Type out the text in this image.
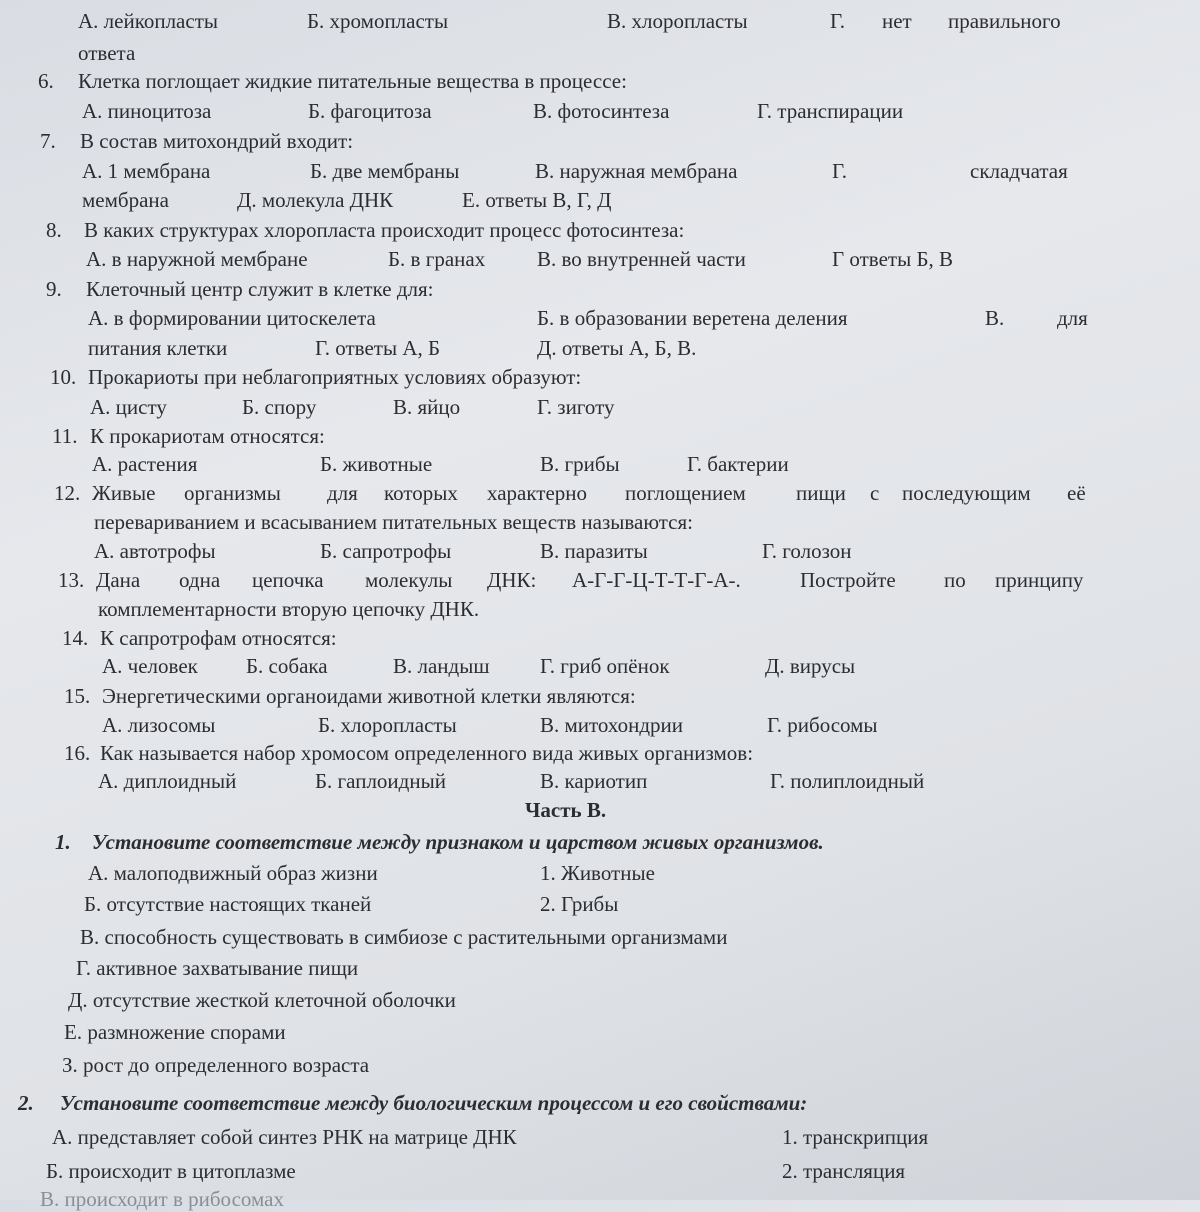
А. лейкопласты	Б. хромопласты	В. хлоропласты	Г. нет правильного
ответа
6. Клетка поглощает жидкие питательные вещества в процессе:
А. пиноцитоза	Б. фагоцитоза	В. фотосинтеза	Г. транспирации
7. В состав митохондрий входит:
А. 1 мембрана	Б. две мембраны	В. наружная мембрана	Г.	складчатая
мембрана	Д. молекула ДНК	Е. ответы В, Г, Д
8. В каких структурах хлоропласта происходит процесс фотосинтеза:
А. в наружной мембране	Б. в гранах В. во внутренней части	Г ответы Б, В
9. Клеточный центр служит в клетке для:
А. в формировании цитоскелета	Б. в образовании веретена деления	В.	для
питания клетки	Г. ответы А, Б	Д. ответы А, Б, В.
10. Прокариоты при неблагоприятных условиях образуют:
А. цисту	Б. спору	В. яйцо	Г. зиготу
11. К прокариотам относятся:
А. растения	Б. животные	В. грибы	Г. бактерии
12. Живые организмы для которых характерно поглощением пищи с последующим её
перевариванием и всасыванием питательных веществ называются:
А. автотрофы	Б. сапротрофы	В. паразиты	Г. голозон
13. Дана одна цепочка молекулы ДНК: А-Г-Г-Ц-Т-Т-Г-А-.	Постройте по принципу
комплементарности вторую цепочку ДНК.
14. К сапротрофам относятся:
А. человек Б. собака	В. ландыш Г. гриб опёнок	Д. вирусы
15. Энергетическими органоидами животной клетки являются:
А. лизосомы	Б. хлоропласты	В. митохондрии	Г. рибосомы
16. Как называется набор хромосом определенного вида живых организмов:
А. диплоидный	Б. гаплоидный	В. кариотип	Г. полиплоидный
Часть В.
1. Установите соответствие между признаком и царством живых организмов.
А. малоподвижный образ жизни	1. Животные
Б. отсутствие настоящих тканей	2. Грибы
В. способность существовать в симбиозе с растительными организмами
Г. активное захватывание пищи
Д. отсутствие жесткой клеточной оболочки
Е. размножение спорами
З. рост до определенного возраста
2. Установите соответствие между биологическим процессом и его свойствами:
А. представляет собой синтез РНК на матрице ДНК	1. транскрипция
Б. происходит в цитоплазме	2. трансляция
В. происходит в рибосомах
